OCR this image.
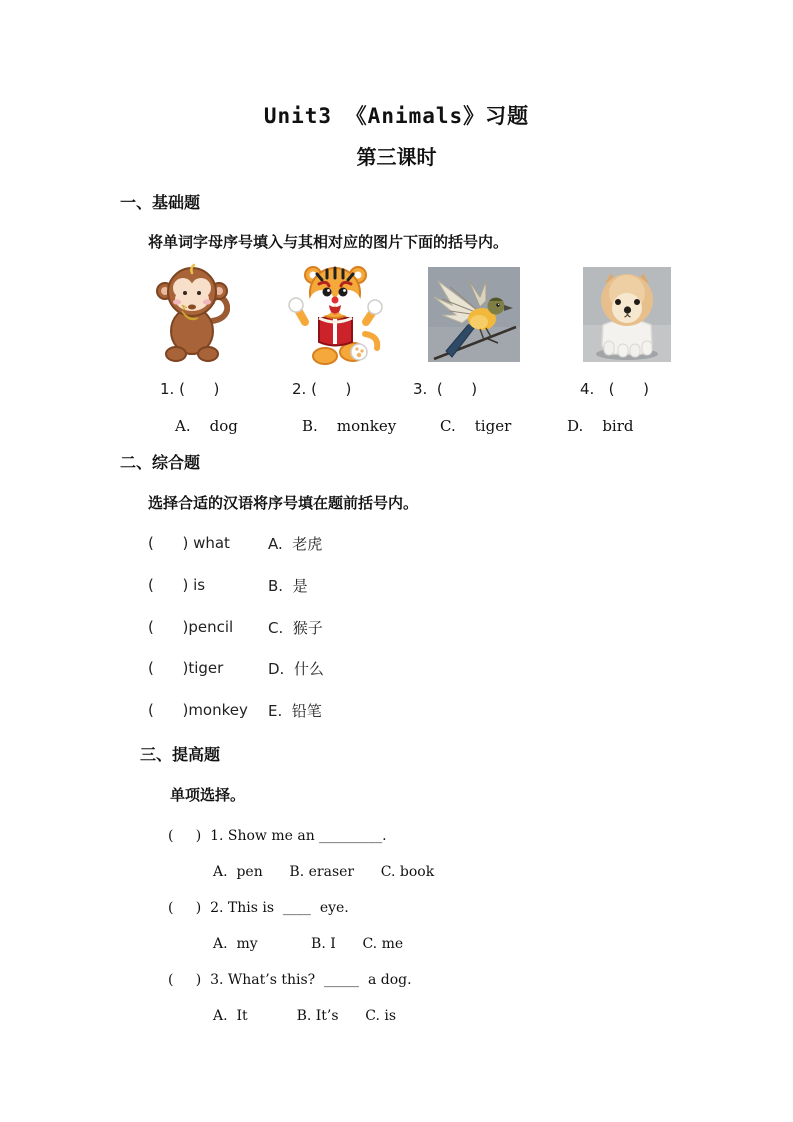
Unit3 《Animals》习题
第三课时
一、基础题
将单词字母序号填入与其相对应的图片下面的括号内。
1. (      )	2. (      )	3.  (      )	4.   (      )
A.    dog	B.    monkey	C.    tiger	D.    bird
二、综合题
选择合适的汉语将序号填在题前括号内。
(      ) what	A.  老虎
(      ) is	B.  是
(      )pencil C.  猴子
(      )tiger	D.  什么
(      )monkey E.  铅笔
三、提高题
单项选择。
(     )  1. Show me an _________.
A.  pen      B. eraser      C. book
(     )  2. This is  ____  eye.
A.  my            B. I      C. me
(     )  3. What’s this?  _____  a dog.
A.  It           B. It’s      C. is
